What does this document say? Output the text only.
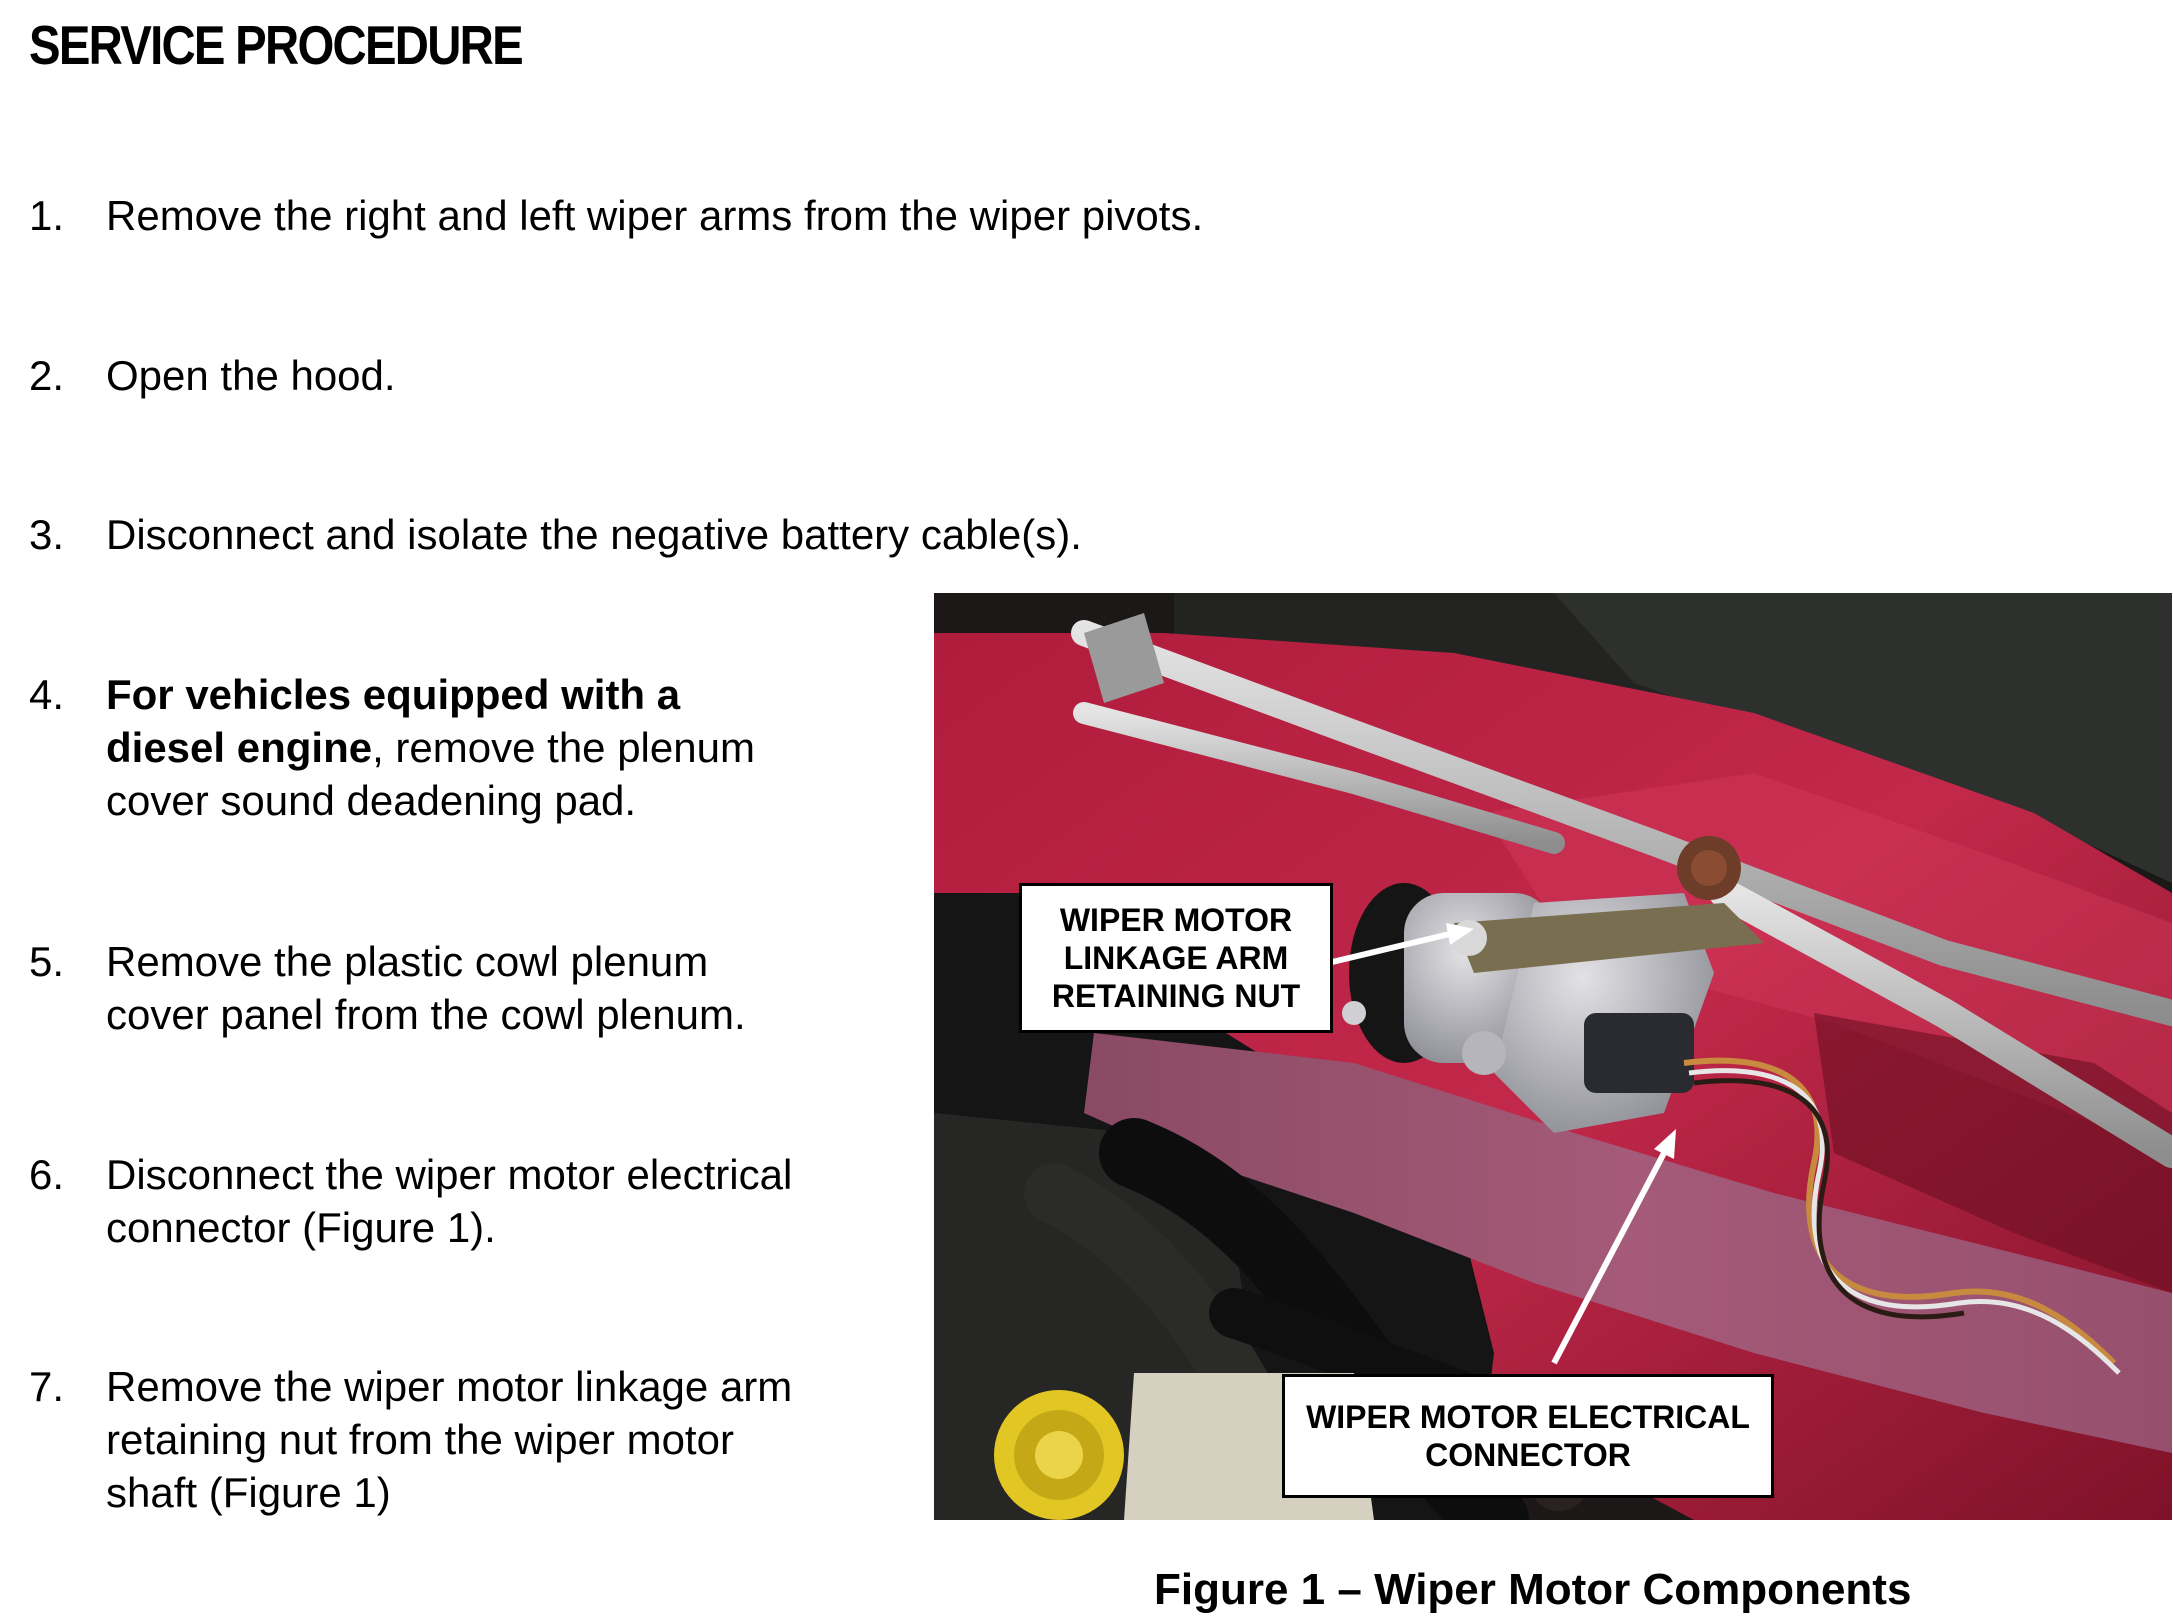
SERVICE PROCEDURE
1. Remove the right and left wiper arms from the wiper pivots.
2. Open the hood.
3. Disconnect and isolate the negative battery cable(s).
4. For vehicles equipped with a
diesel engine, remove the plenum
cover sound deadening pad.
5. Remove the plastic cowl plenum
cover panel from the cowl plenum.
6. Disconnect the wiper motor electrical
connector (Figure 1).
7. Remove the wiper motor linkage arm
retaining nut from the wiper motor
shaft (Figure 1)
WIPER MOTOR
LINKAGE ARM
RETAINING NUT
WIPER MOTOR ELECTRICAL
CONNECTOR
Figure 1 – Wiper Motor Components
